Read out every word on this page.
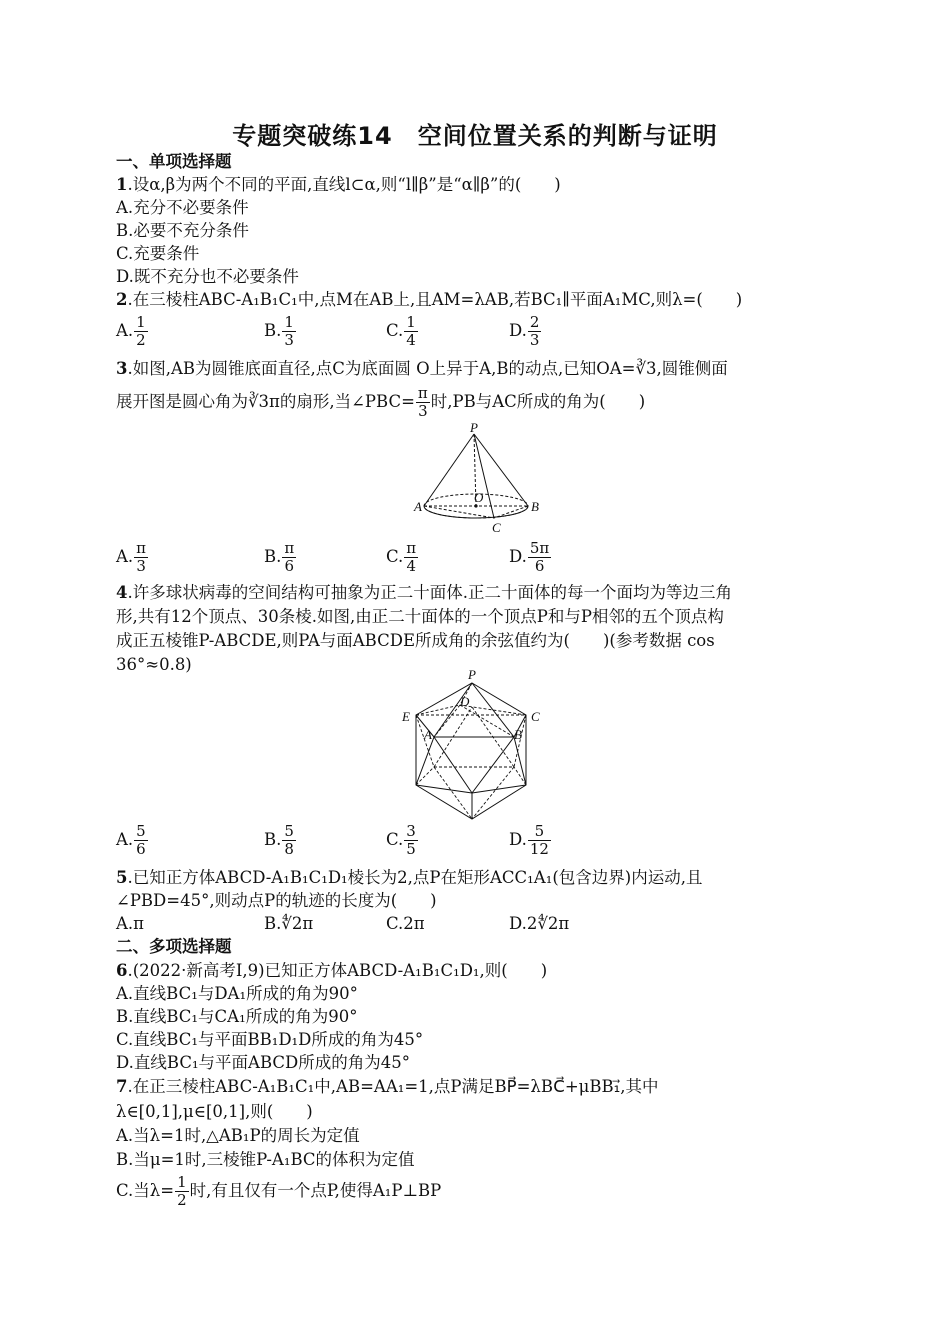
专题突破练14　空间位置关系的判断与证明
一、单项选择题
1.设α,β为两个不同的平面,直线l⊂α,则“l∥β”是“α∥β”的(　　)
A.充分不必要条件
B.必要不充分条件
C.充要条件
D.既不充分也不必要条件
2.在三棱柱ABC-A₁B₁C₁中,点M在AB上,且AM=λAB,若BC₁∥平面A₁MC,则λ=(　　)
A. $\frac{1}{2}$	B. $\frac{1}{3}$	C. $\frac{1}{4}$	D. $\frac{2}{3}$
3.如图,AB为圆锥底面直径,点C为底面圆 O上异于A,B的动点,已知OA=∛3,圆锥侧面
展开图是圆心角为∛3π的扇形,当∠PBC= $\frac{\pi}{3}$ 时,PB与AC所成的角为(　　)
P
O
A	B
C
A. $\frac{\pi}{3}$	B. $\frac{\pi}{6}$	C. $\frac{\pi}{4}$	D. $\frac{5\pi}{6}$
4.许多球状病毒的空间结构可抽象为正二十面体.正二十面体的每一个面均为等边三角
形,共有12个顶点、30条棱.如图,由正二十面体的一个顶点P和与P相邻的五个顶点构
成正五棱锥P-ABCDE,则PA与面ABCDE所成角的余弦值约为(　　)(参考数据 cos
36°≈0.8)
P
D
E	C
A	B
A. $\frac{5}{6}$	B. $\frac{5}{8}$	C. $\frac{3}{5}$	D. $\frac{5}{12}$
5.已知正方体ABCD-A₁B₁C₁D₁棱长为2,点P在矩形ACC₁A₁(包含边界)内运动,且
∠PBD=45°,则动点P的轨迹的长度为(　　)
A.π	B.∜2π	C.2π	D.2∜2π
二、多项选择题
6.(2022·新高考Ⅰ,9)已知正方体ABCD-A₁B₁C₁D₁,则(　　)
A.直线BC₁与DA₁所成的角为90°
B.直线BC₁与CA₁所成的角为90°
C.直线BC₁与平面BB₁D₁D所成的角为45°
D.直线BC₁与平面ABCD所成的角为45°
7.在正三棱柱ABC-A₁B₁C₁中,AB=AA₁=1,点P满足BP⃗=λBC⃗+μBB₁⃗,其中
λ∈[0,1],μ∈[0,1],则(　　)
A.当λ=1时,△AB₁P的周长为定值
B.当μ=1时,三棱锥P-A₁BC的体积为定值
C.当$\lambda= \frac{1}{2}$ 时,有且仅有一个点P,使得A₁P⊥BP
